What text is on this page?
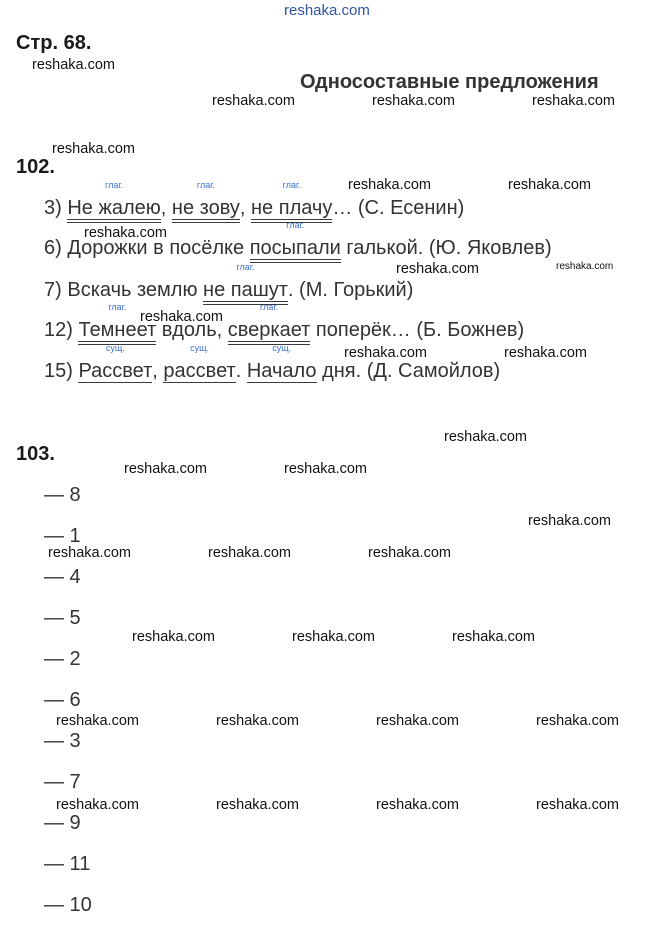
reshaka.com
Стр. 68.
Односоставные предложения
102.
3)
глаг.
Не жалею,
глаг.
не зову,
глаг.
не плачу… (С. Есенин)
6) Дорожки в посёлке
глаг.
посыпали галькой. (Ю. Яковлев)
7) Вскачь землю
глаг.
не пашут. (М. Горький)
12)
глаг.
Темнеет вдоль,
глаг.
сверкает поперёк… (Б. Божнев)
15)
сущ.
Рассвет,
сущ.
рассвет.
сущ.
Начало дня. (Д. Самойлов)
103.
— 8
— 1
— 4
— 5
— 2
— 6
— 3
— 7
— 9
— 11
— 10
reshaka.com
reshaka.com	reshaka.com	reshaka.com
reshaka.com
reshaka.com	reshaka.com
reshaka.com
reshaka.com	reshaka.com
reshaka.com
reshaka.com	reshaka.com
reshaka.com
reshaka.com	reshaka.com
reshaka.com
reshaka.com	reshaka.com	reshaka.com
reshaka.com	reshaka.com	reshaka.com
reshaka.com	reshaka.com	reshaka.com	reshaka.com
reshaka.com	reshaka.com	reshaka.com	reshaka.com
